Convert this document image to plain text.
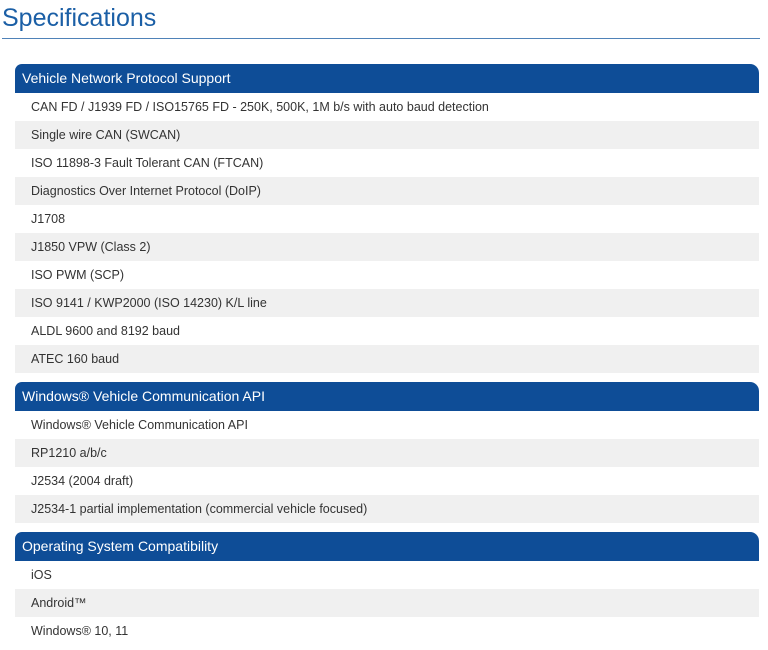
Specifications
Vehicle Network Protocol Support
CAN FD / J1939 FD / ISO15765 FD - 250K, 500K, 1M b/s with auto baud detection
Single wire CAN (SWCAN)
ISO 11898-3 Fault Tolerant CAN (FTCAN)
Diagnostics Over Internet Protocol (DoIP)
J1708
J1850 VPW (Class 2)
ISO PWM (SCP)
ISO 9141 / KWP2000 (ISO 14230) K/L line
ALDL 9600 and 8192 baud
ATEC 160 baud
Windows® Vehicle Communication API
Windows® Vehicle Communication API
RP1210 a/b/c
J2534 (2004 draft)
J2534-1 partial implementation (commercial vehicle focused)
Operating System Compatibility
iOS
Android™
Windows® 10, 11
